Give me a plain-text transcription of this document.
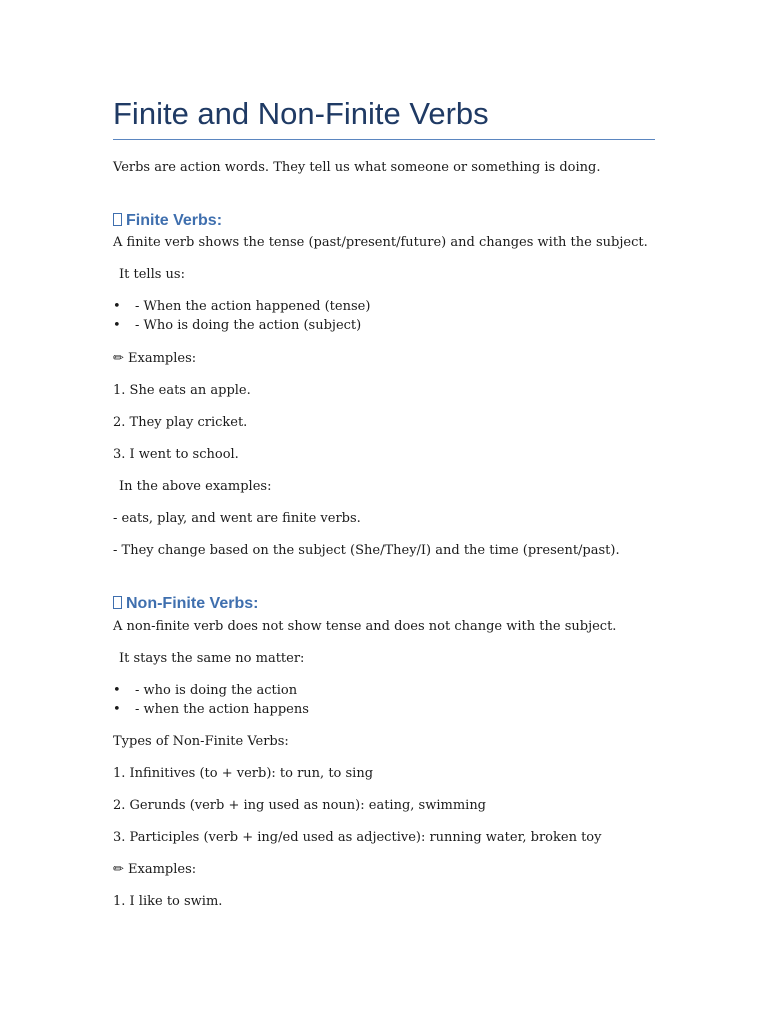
Finite and Non-Finite Verbs

Verbs are action words. They tell us what someone or something is doing.

Finite Verbs:

A finite verb shows the tense (past/present/future) and changes with the subject.

It tells us:

• - When the action happened (tense)
• - Who is doing the action (subject)

✏ Examples:

1. She eats an apple.

2. They play cricket.

3. I went to school.

In the above examples:

- eats, play, and went are finite verbs.

- They change based on the subject (She/They/I) and the time (present/past).

Non-Finite Verbs:

A non-finite verb does not show tense and does not change with the subject.

It stays the same no matter:

• - who is doing the action
• - when the action happens

Types of Non-Finite Verbs:

1. Infinitives (to + verb): to run, to sing

2. Gerunds (verb + ing used as noun): eating, swimming

3. Participles (verb + ing/ed used as adjective): running water, broken toy

✏ Examples:

1. I like to swim.
